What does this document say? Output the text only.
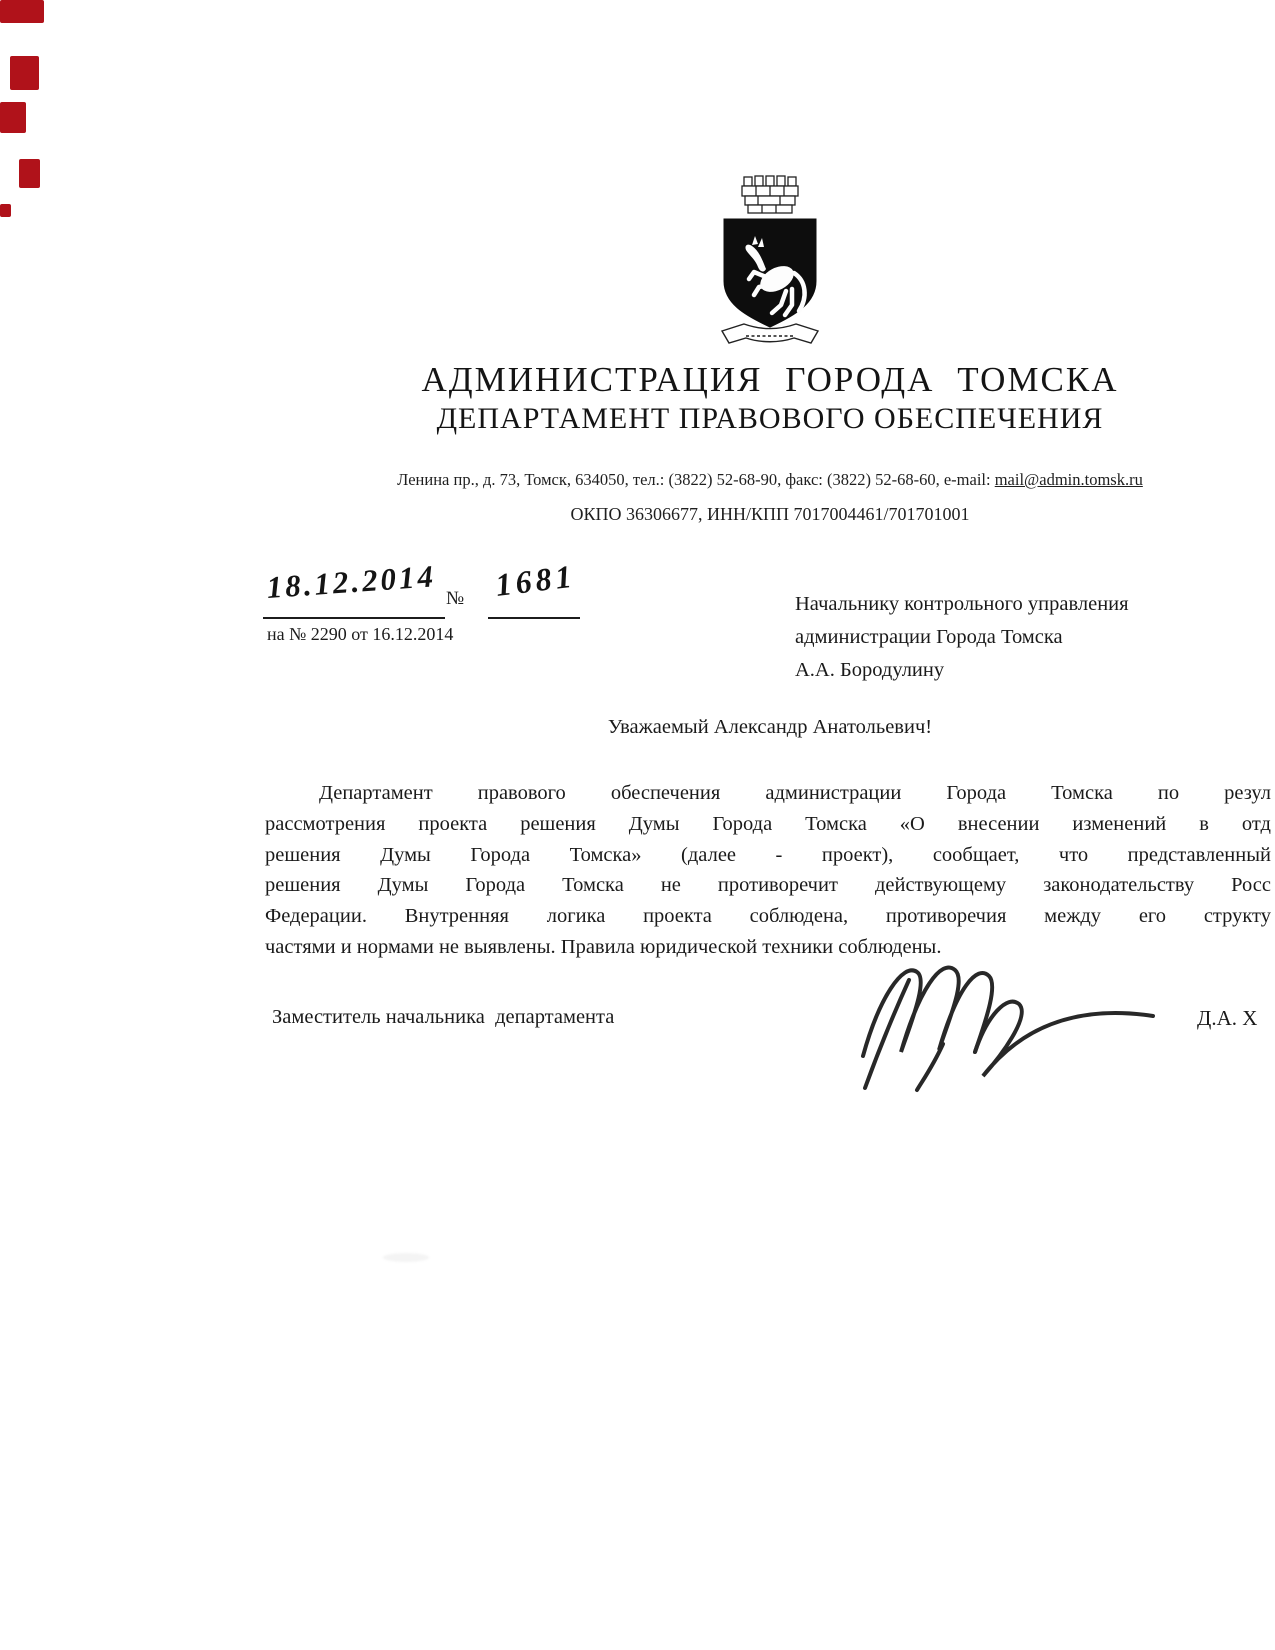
АДМИНИСТРАЦИЯ ГОРОДА ТОМСКА
ДЕПАРТАМЕНТ ПРАВОВОГО ОБЕСПЕЧЕНИЯ
Ленина пр., д. 73, Томск, 634050, тел.: (3822) 52-68-90, факс: (3822) 52-68-60, e-mail: mail@admin.tomsk.ru
ОКПО 36306677, ИНН/КПП 7017004461/701701001
18.12.2014 № 1681
на № 2290 от 16.12.2014
Начальнику контрольного управления
администрации Города Томска
А.А. Бородулину
Уважаемый Александр Анатольевич!
Департамент правового обеспечения администрации Города Томска по резул
рассмотрения проекта решения Думы Города Томска «О внесении изменений в отд
решения Думы Города Томска» (далее - проект), сообщает, что представленный
решения Думы Города Томска не противоречит действующему законодательству Росс
Федерации. Внутренняя логика проекта соблюдена, противоречия между его структу
частями и нормами не выявлены. Правила юридической техники соблюдены.
Заместитель начальника  департамента	Д.А. Х
